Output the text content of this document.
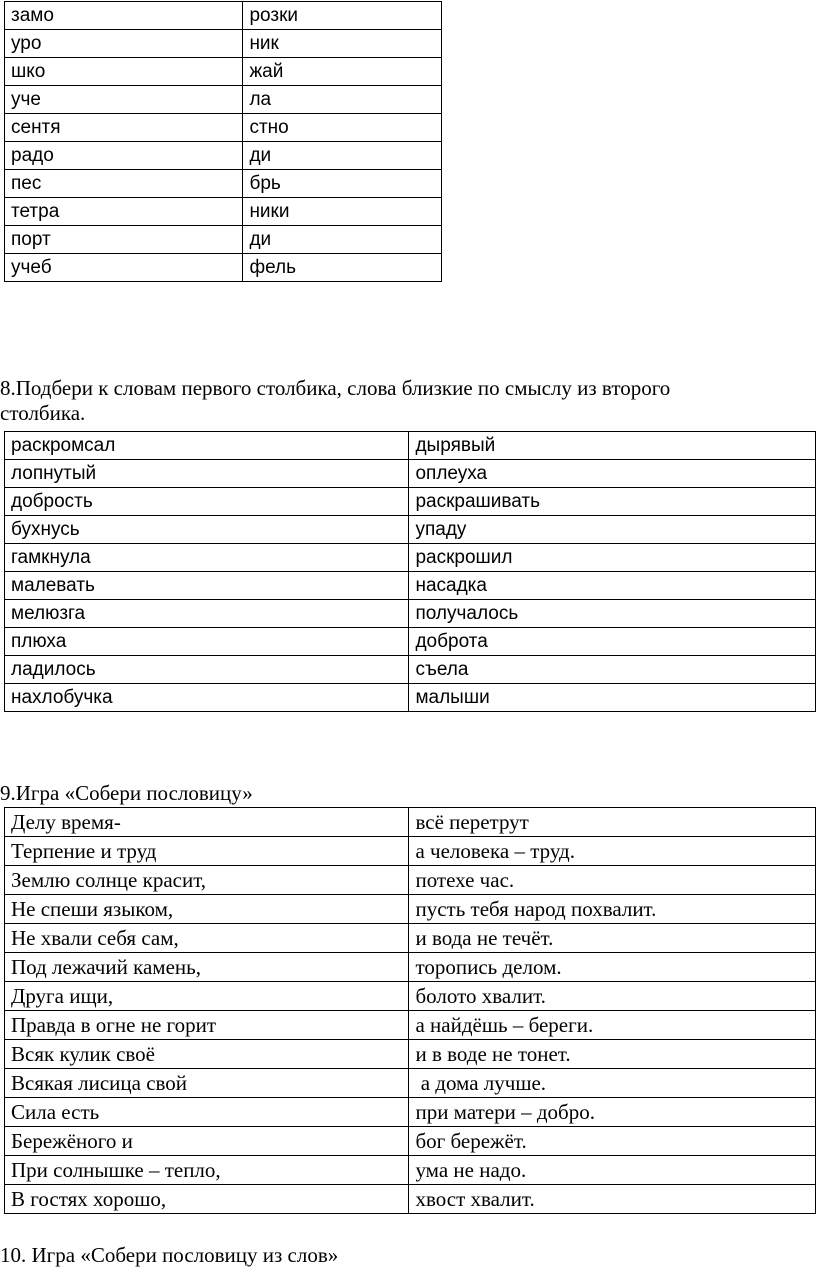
замо	розки
уро	ник
шко	жай
уче	ла
сентя	стно
радо	ди
пес	брь
тетра	ники
порт	ди
учеб	фель

8.Подбери к словам первого столбика, слова близкие по смыслу из второго

столбика.

раскромсал	дырявый
лопнутый	оплеуха
доброcть	раскрашивать
бухнусь	упаду
гамкнула	раскрошил
малевать	насадка
мелюзга	получалось
плюха	доброта
ладилось	съела
нахлобучка	малыши

9.Игра «Собери пословицу»

Делу время-	всё перетрут
Терпение и труд	а человека – труд.
Землю солнце красит,	потехе час.
Не спеши языком,	пусть тебя народ похвалит.
Не хвали себя сам,	и вода не течёт.
Под лежачий камень,	торопись делом.
Друга ищи,	болото хвалит.
Правда в огне не горит	а найдёшь – береги.
Всяк кулик своё	и в воде не тонет.
Всякая лисица свой	а дома лучше.
Сила есть	при матери – добро.
Бережёного и	бог бережёт.
При солнышке – тепло,	ума не надо.
В гостях хорошо,	хвост хвалит.

10. Игра «Собери пословицу из слов»
